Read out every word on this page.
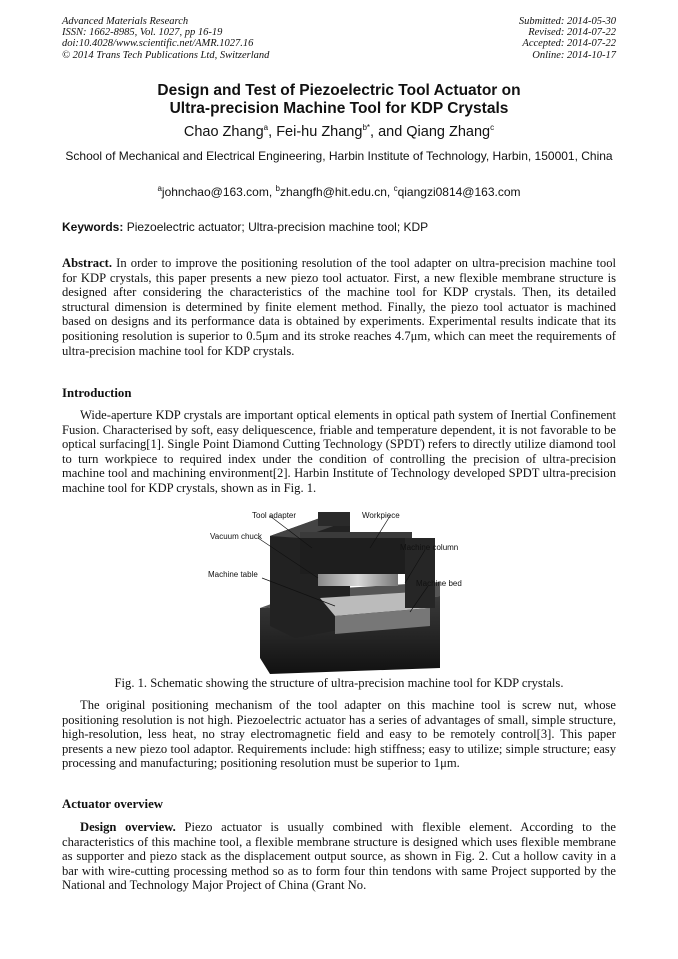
Advanced Materials Research
ISSN: 1662-8985, Vol. 1027, pp 16-19
doi:10.4028/www.scientific.net/AMR.1027.16
© 2014 Trans Tech Publications Ltd, Switzerland
Submitted: 2014-05-30
Revised: 2014-07-22
Accepted: 2014-07-22
Online: 2014-10-17
Design and Test of Piezoelectric Tool Actuator on
Ultra-precision Machine Tool for KDP Crystals
Chao Zhang$^a$, Fei-hu Zhang$^{b*}$, and Qiang Zhang$^c$
School of Mechanical and Electrical Engineering, Harbin Institute of Technology, Harbin, 150001, China
$^a$johnchao@163.com, $^b$zhangfh@hit.edu.cn, $^c$qiangzi0814@163.com
Keywords: Piezoelectric actuator; Ultra-precision machine tool; KDP
Abstract. In order to improve the positioning resolution of the tool adapter on ultra-precision machine tool for KDP crystals, this paper presents a new piezo tool actuator. First, a new flexible membrane structure is designed after considering the characteristics of the machine tool for KDP crystals. Then, its detailed structural dimension is determined by finite element method. Finally, the piezo tool actuator is machined based on designs and its performance data is obtained by experiments. Experimental results indicate that its positioning resolution is superior to 0.5μm and its stroke reaches 4.7μm, which can meet the requirements of ultra-precision machine tool for KDP crystals.
Introduction
Wide-aperture KDP crystals are important optical elements in optical path system of Inertial Confinement Fusion. Characterised by soft, easy deliquescence, friable and temperature dependent, it is not favorable to be optical surfacing[1]. Single Point Diamond Cutting Technology (SPDT) refers to directly utilize diamond tool to turn workpiece to required index under the condition of controlling the precision of ultra-precision machine tool and machining environment[2]. Harbin Institute of Technology developed SPDT ultra-precision machine tool for KDP crystals, shown as in Fig. 1.
Tool adapter	Workpiece
Vacuum chuck
Machine column
Machine table
Machine bed
Fig. 1. Schematic showing the structure of ultra-precision machine tool for KDP crystals.
The original positioning mechanism of the tool adapter on this machine tool is screw nut, whose positioning resolution is not high. Piezoelectric actuator has a series of advantages of small, simple structure, high-resolution, less heat, no stray electromagnetic field and easy to be remotely control[3]. This paper presents a new piezo tool adaptor. Requirements include: high stiffness; easy to utilize; simple structure; easy processing and manufacturing; positioning resolution must be superior to 1μm.
Actuator overview
Design overview. Piezo actuator is usually combined with flexible element. According to the characteristics of this machine tool, a flexible membrane structure is designed which uses flexible membrane as supporter and piezo stack as the displacement output source, as shown in Fig. 2. Cut a hollow cavity in a bar with wire-cutting processing method so as to form four thin tendons with same Project supported by the National and Technology Major Project of China (Grant No.
